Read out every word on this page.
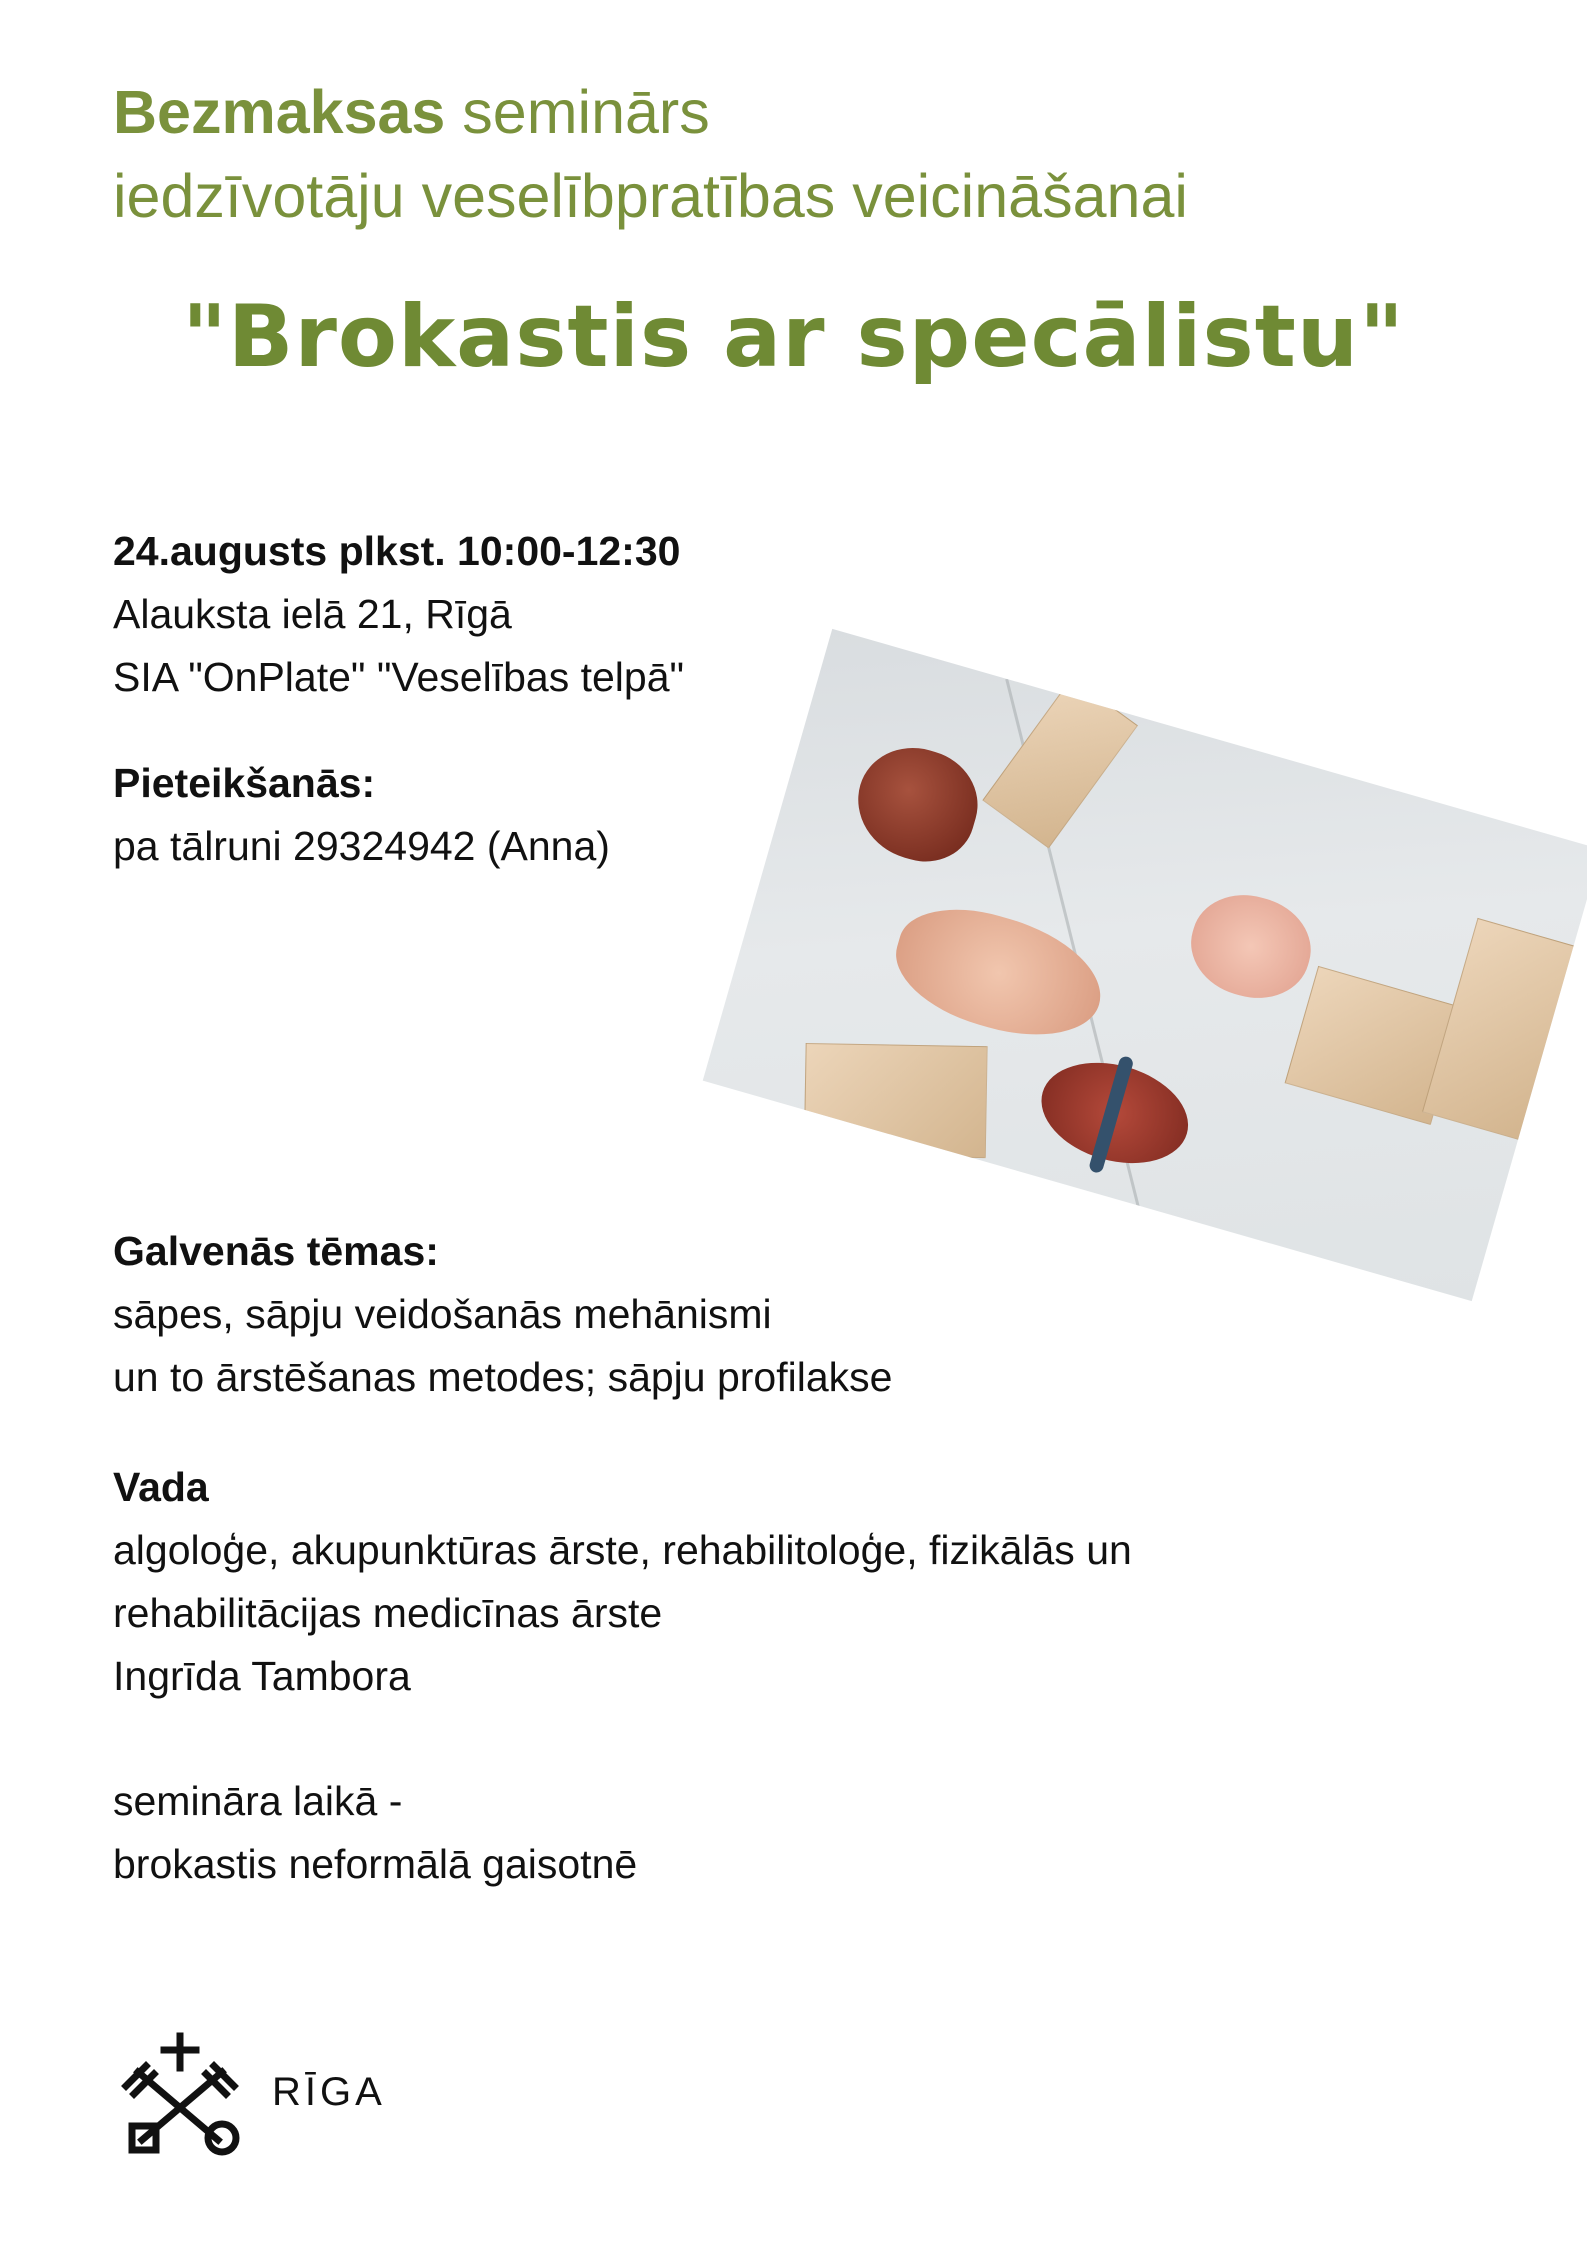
Bezmaksas seminārs
iedzīvotāju veselībpratības veicināšanai
"Brokastis ar specālistu"
24.augusts plkst. 10:00-12:30
Alauksta ielā 21, Rīgā
SIA "OnPlate" "Veselības telpā"
Pieteikšanās:
pa tālruni 29324942 (Anna)
Galvenās tēmas:
sāpes, sāpju veidošanās mehānismi
un to ārstēšanas metodes; sāpju profilakse
Vada
algoloģe, akupunktūras ārste, rehabilitoloģe, fizikālās un
rehabilitācijas medicīnas ārste
Ingrīda Tambora
semināra laikā -
brokastis neformālā gaisotnē
RĪGA
